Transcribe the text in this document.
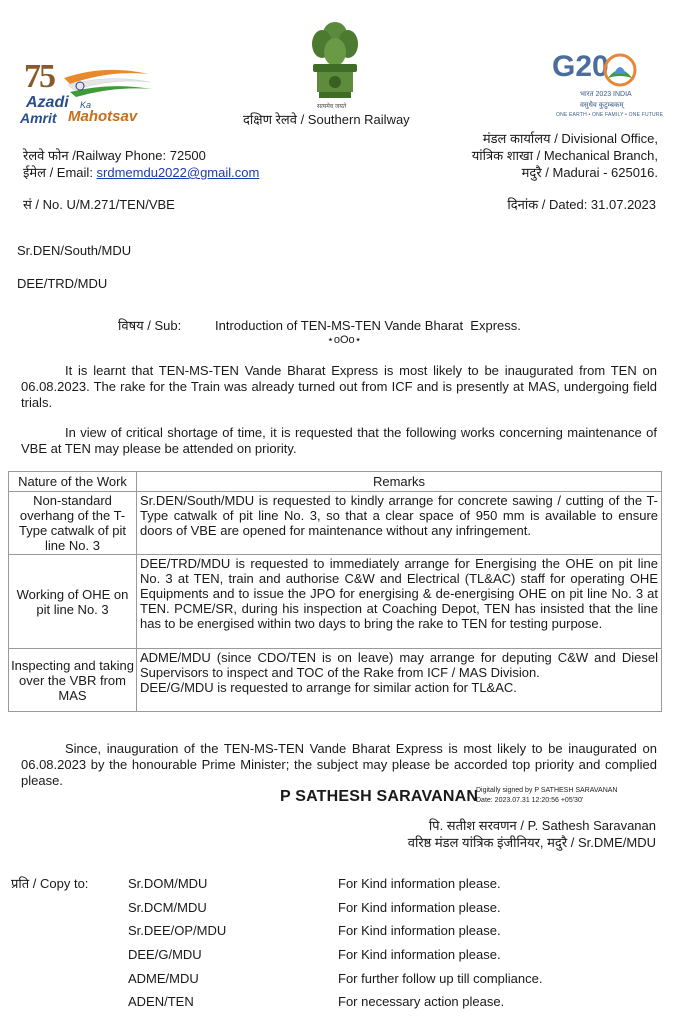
75
Azadi Ka
Amrit Mahotsav
सत्यमेव जयते
G20
भारत 2023 INDIA
वसुधैव कुटुम्बकम्
ONE EARTH • ONE FAMILY • ONE FUTURE
दक्षिण रेलवे / Southern Railway
रेलवे फोन /Railway Phone: 72500
ईमेल / Email: srdmemdu2022@gmail.com
मंडल कार्यालय / Divisional Office,
यांत्रिक शाखा / Mechanical Branch,
मदुरै / Madurai - 625016.
सं / No. U/M.271/TEN/VBE	दिनांक / Dated: 31.07.2023
Sr.DEN/South/MDU
DEE/TRD/MDU
विषय / Sub:	Introduction of TEN-MS-TEN Vande Bharat  Express.
⋆oOo⋆
It is learnt that TEN-MS-TEN Vande Bharat Express is most likely to be inaugurated from TEN on 06.08.2023. The rake for the Train was already turned out from ICF and is presently at MAS, undergoing field trials.
In view of critical shortage of time, it is requested that the following works concerning maintenance of VBE at TEN may please be attended on priority.
Nature of the Work	Remarks
Non-standard overhang of the T-Type catwalk of pit line No. 3	Sr.DEN/South/MDU is requested to kindly arrange for concrete sawing / cutting of the T-Type catwalk of pit line No. 3, so that a clear space of 950 mm is available to ensure doors of VBE are opened for maintenance without any infringement.
Working of OHE on pit line No. 3	DEE/TRD/MDU is requested to immediately arrange for Energising the OHE on pit line No. 3 at TEN, train and authorise C&W and Electrical (TL&AC) staff for operating OHE Equipments and to issue the JPO for energising & de-energising OHE on pit line No. 3 at TEN. PCME/SR, during his inspection at Coaching Depot, TEN has insisted that the line has to be energised within two days to bring the rake to TEN for testing purpose.
Inspecting and taking over the VBR from MAS	ADME/MDU (since CDO/TEN is on leave) may arrange for deputing C&W and Diesel Supervisors to inspect and TOC of the Rake from ICF / MAS Division.
DEE/G/MDU is requested to arrange for similar action for TL&AC.
Since, inauguration of the TEN-MS-TEN Vande Bharat Express is most likely to be inaugurated on 06.08.2023 by the honourable Prime Minister; the subject may please be accorded top priority and complied please.
P SATHESH SARAVANAN
Digitally signed by P SATHESH SARAVANAN
Date: 2023.07.31 12:20:56 +05'30'
पि. सतीश सरवणन / P. Sathesh Saravanan
वरिष्ठ मंडल यांत्रिक इंजीनियर, मदुरै / Sr.DME/MDU
प्रति / Copy to:	Sr.DOM/MDU	For Kind information please.
Sr.DCM/MDU	For Kind information please.
Sr.DEE/OP/MDU	For Kind information please.
DEE/G/MDU	For Kind information please.
ADME/MDU	For further follow up till compliance.
ADEN/TEN	For necessary action please.
